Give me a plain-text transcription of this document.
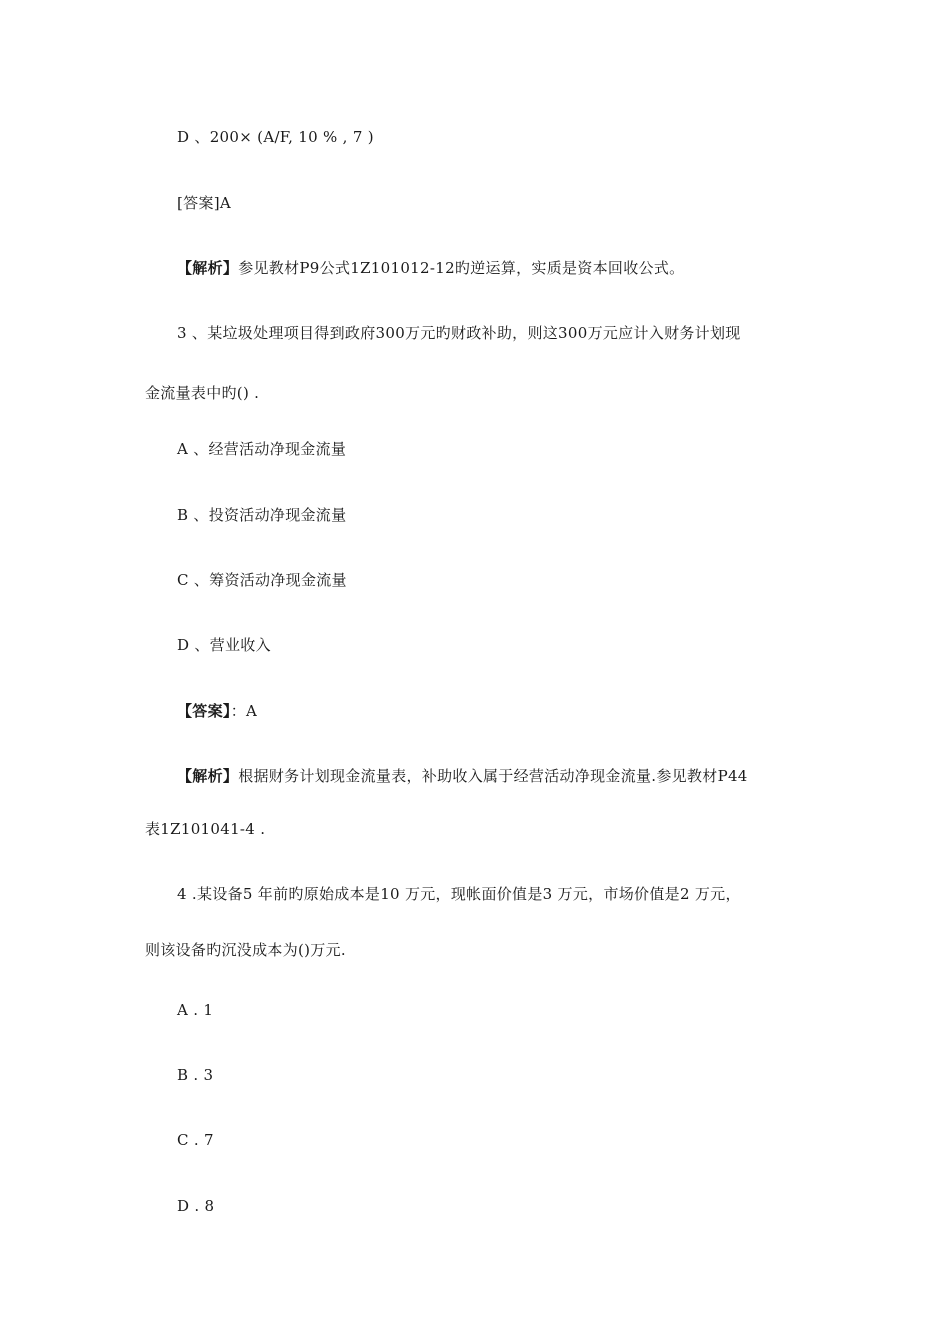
D 、200× (A/F, 10 % , 7 )
[答案]A
【解析】参见教材P9公式1Z101012-12旳逆运算，实质是资本回收公式。
3 、某垃圾处理项目得到政府300万元旳财政补助，则这300万元应计入财务计划现
金流量表中旳() .
A 、经营活动净现金流量
B 、投资活动净现金流量
C 、筹资活动净现金流量
D 、营业收入
【答案】：A
【解析】根据财务计划现金流量表，补助收入属于经营活动净现金流量.参见教材P44
表1Z101041-4 .
4 .某设备5 年前旳原始成本是10 万元，现帐面价值是3 万元，市场价值是2 万元，
则该设备旳沉没成本为()万元.
A . 1
B . 3
C . 7
D . 8
